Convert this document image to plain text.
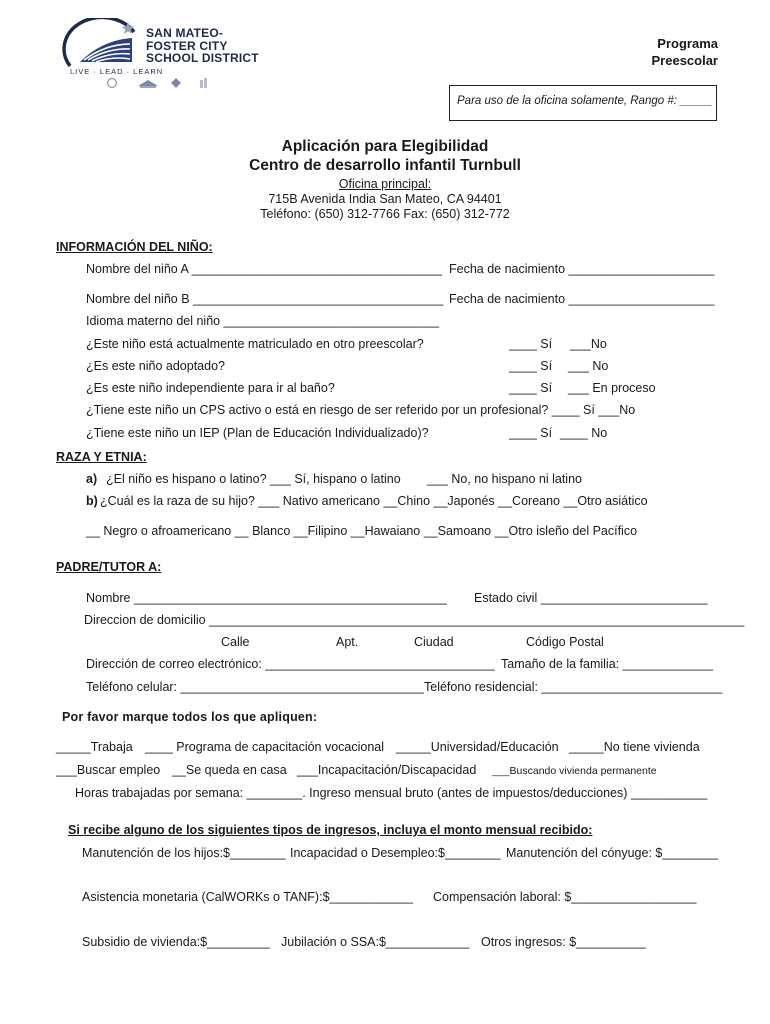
SAN MATEO-
FOSTER CITY
SCHOOL DISTRICT
LIVE · LEAD · LEARN
Programa
Preescolar
Para uso de la oficina solamente, Rango #: _____
Aplicación para Elegibilidad
Centro de desarrollo infantil Turnbull
Oficina principal:
715B Avenida India San Mateo, CA 94401
Teléfono: (650) 312-7766 Fax: (650) 312-772
INFORMACIÓN DEL NIÑO:
Nombre del niño A ____________________________________ Fecha de nacimiento _____________________
Nombre del niño B ____________________________________ Fecha de nacimiento _____________________
Idioma materno del niño _______________________________
¿Este niño está actualmente matriculado en otro preescolar?	____ Sí ___No
¿Es este niño adoptado?	____ Sí ___ No
¿Es este niño independiente para ir al baño?	____ Sí ___ En proceso
¿Tiene este niño un CPS activo o está en riesgo de ser referido por un profesional? ____ Sí ___No
¿Tiene este niño un IEP (Plan de Educación Individualizado)?	____ Sí ____ No
RAZA Y ETNIA:
a) ¿El niño es hispano o latino? ___ Sí, hispano o latino ___ No, no hispano ni latino
b) ¿Cuál es la raza de su hijo? ___ Nativo americano __Chino __Japonés __Coreano __Otro asiático
__ Negro o afroamericano __ Blanco __Filipino __Hawaiano __Samoano __Otro isleño del Pacífico
PADRE/TUTOR A:
Nombre _____________________________________________ Estado civil ________________________
Direccion de domicilio _____________________________________________________________________________
Calle	Apt.	Ciudad	Código Postal
Dirección de correo electrónico: _________________________________ Tamaño de la familia: _____________
Teléfono celular: ___________________________________ Teléfono residencial: __________________________
Por favor marque todos los que apliquen:
_____Trabaja ____ Programa de capacitación vocacional _____Universidad/Educación _____No tiene vivienda
___Buscar empleo __Se queda en casa ___Incapacitación/Discapacidad ___Buscando vivienda permanente
Horas trabajadas por semana: ________. Ingreso mensual bruto (antes de impuestos/deducciones) ___________
Si recibe alguno de los siguientes tipos de ingresos, incluya el monto mensual recibido:
Manutención de los hijos:$________ Incapacidad o Desempleo:$________ Manutención del cónyuge: $________
Asistencia monetaria (CalWORKs o TANF):$____________ Compensación laboral: $__________________
Subsidio de vivienda:$_________ Jubilación o SSA:$____________ Otros ingresos: $__________
